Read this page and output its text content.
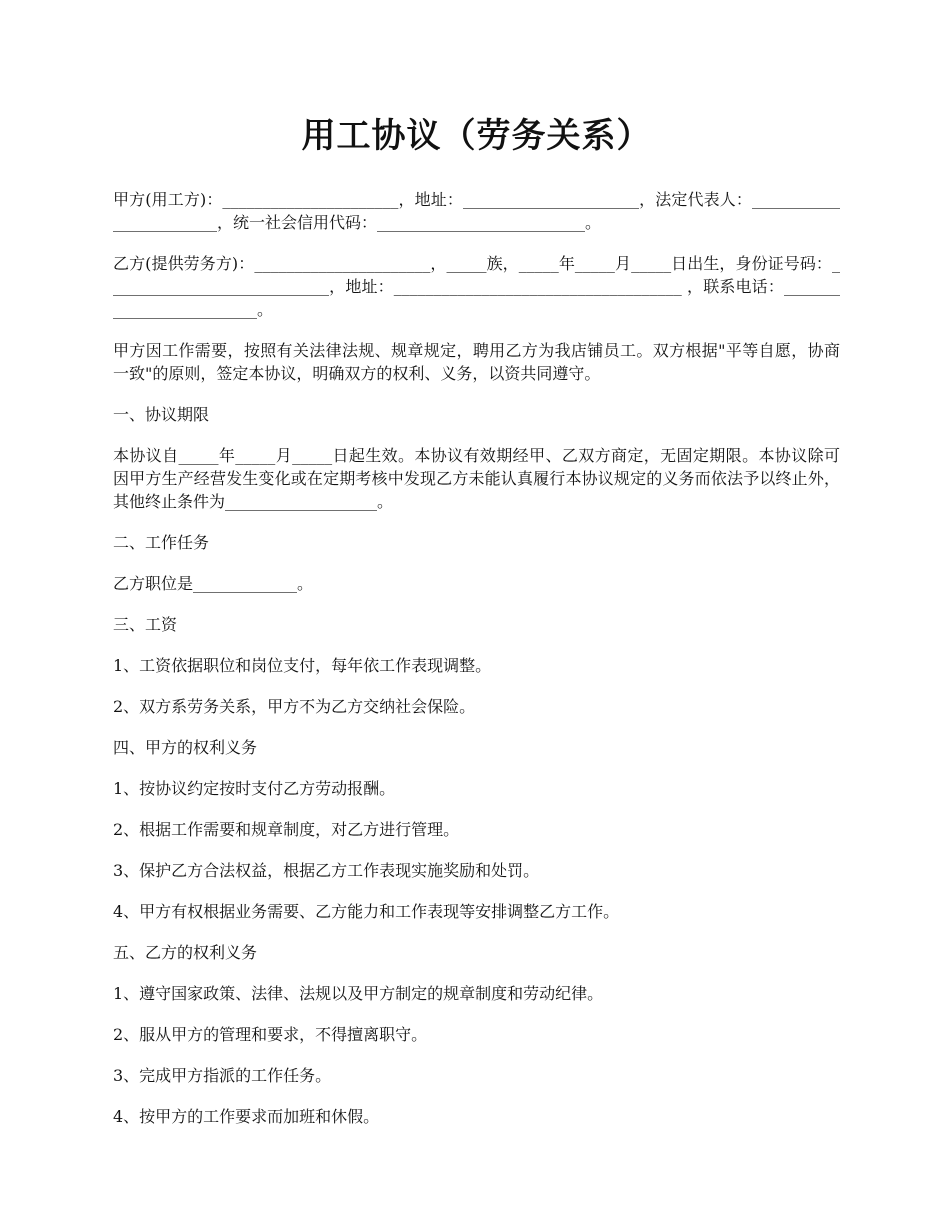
用工协议（劳务关系）

甲方(用工方)：______________________，地址：______________________，法定代表人：________________________，统一社会信用代码：__________________________。

乙方(提供劳务方)：______________________，_____族，_____年_____月_____日出生，身份证号码：____________________________，地址：____________________________________ ，联系电话：_________________________。

甲方因工作需要，按照有关法律法规、规章规定，聘用乙方为我店铺员工。双方根据"平等自愿，协商一致"的原则，签定本协议，明确双方的权利、义务，以资共同遵守。

一、协议期限

本协议自_____年_____月_____日起生效。本协议有效期经甲、乙双方商定，无固定期限。本协议除可因甲方生产经营发生变化或在定期考核中发现乙方未能认真履行本协议规定的义务而依法予以终止外，其他终止条件为___________________。

二、工作任务

乙方职位是_____________。

三、工资

1、工资依据职位和岗位支付，每年依工作表现调整。

2、双方系劳务关系，甲方不为乙方交纳社会保险。

四、甲方的权利义务

1、按协议约定按时支付乙方劳动报酬。

2、根据工作需要和规章制度，对乙方进行管理。

3、保护乙方合法权益，根据乙方工作表现实施奖励和处罚。

4、甲方有权根据业务需要、乙方能力和工作表现等安排调整乙方工作。

五、乙方的权利义务

1、遵守国家政策、法律、法规以及甲方制定的规章制度和劳动纪律。

2、服从甲方的管理和要求，不得擅离职守。

3、完成甲方指派的工作任务。

4、按甲方的工作要求而加班和休假。
